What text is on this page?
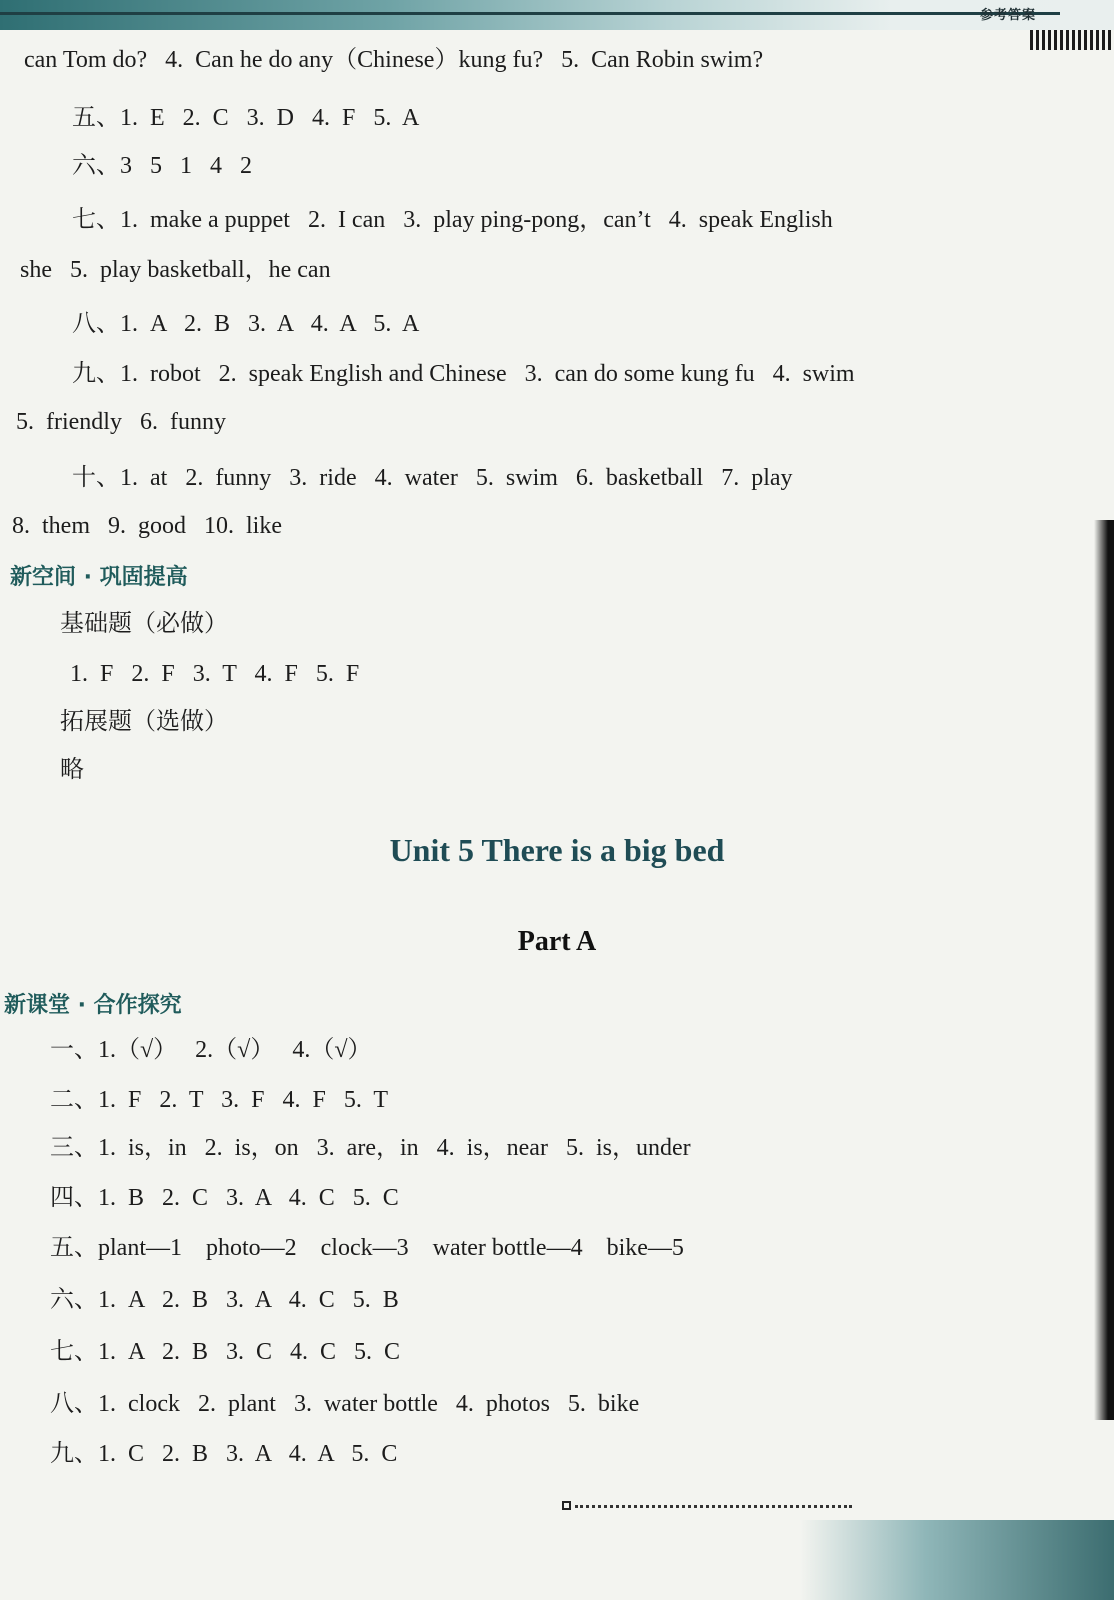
参考答案
can Tom do?   4.  Can he do any（Chinese）kung fu?   5.  Can Robin swim?
五、1.  E   2.  C   3.  D   4.  F   5.  A
六、3   5   1   4   2
七、1.  make a puppet   2.  I can   3.  play ping-pong，can’t   4.  speak English
she   5.  play basketball，he can
八、1.  A   2.  B   3.  A   4.  A   5.  A
九、1.  robot   2.  speak English and Chinese   3.  can do some kung fu   4.  swim
5.  friendly   6.  funny
十、1.  at   2.  funny   3.  ride   4.  water   5.  swim   6.  basketball   7.  play
8.  them   9.  good   10.  like
新空间 · 巩固提高
基础题（必做）
1.  F   2.  F   3.  T   4.  F   5.  F
拓展题（选做）
略
Unit 5 There is a big bed
Part A
新课堂 · 合作探究
一、1.（√）   2.（√）   4.（√）
二、1.  F   2.  T   3.  F   4.  F   5.  T
三、1.  is，in   2.  is，on   3.  are，in   4.  is，near   5.  is，under
四、1.  B   2.  C   3.  A   4.  C   5.  C
五、plant—1    photo—2    clock—3    water bottle—4    bike—5
六、1.  A   2.  B   3.  A   4.  C   5.  B
七、1.  A   2.  B   3.  C   4.  C   5.  C
八、1.  clock   2.  plant   3.  water bottle   4.  photos   5.  bike
九、1.  C   2.  B   3.  A   4.  A   5.  C
